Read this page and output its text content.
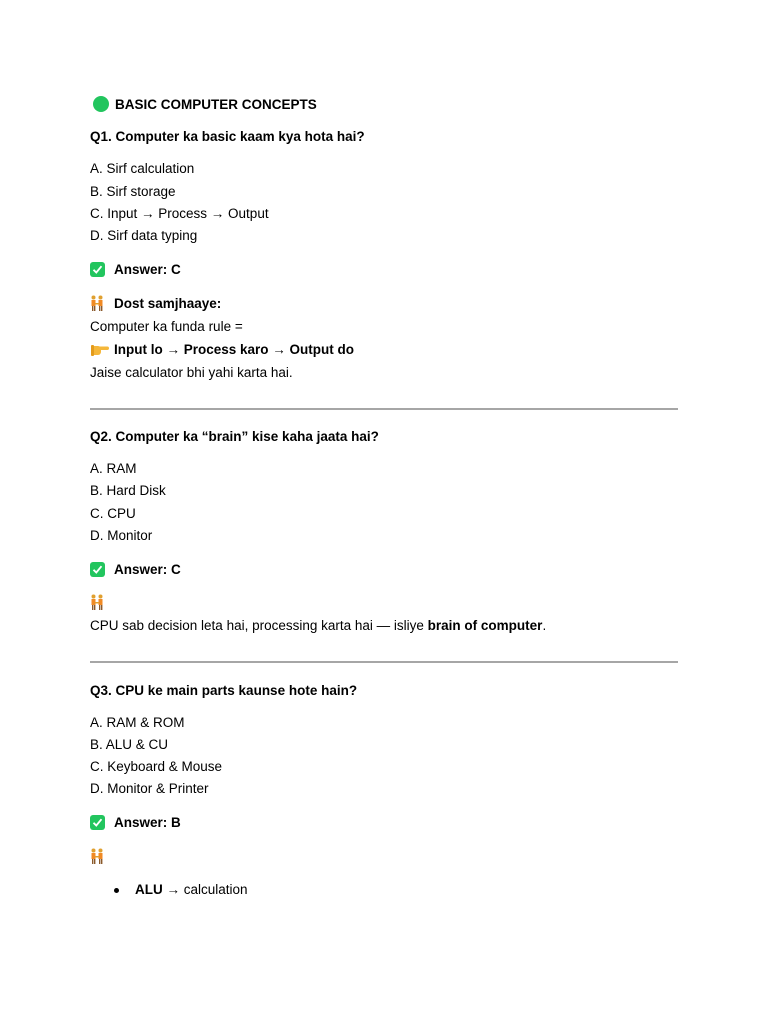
BASIC COMPUTER CONCEPTS
Q1. Computer ka basic kaam kya hota hai?
A. Sirf calculation
B. Sirf storage
C. Input → Process → Output
D. Sirf data typing
Answer: C
Dost samjhaaye:
Computer ka funda rule =
Input lo → Process karo → Output do
Jaise calculator bhi yahi karta hai.
Q2. Computer ka “brain” kise kaha jaata hai?
A. RAM
B. Hard Disk
C. CPU
D. Monitor
Answer: C
CPU sab decision leta hai, processing karta hai — isliye brain of computer.
Q3. CPU ke main parts kaunse hote hain?
A. RAM & ROM
B. ALU & CU
C. Keyboard & Mouse
D. Monitor & Printer
Answer: B
ALU → calculation
